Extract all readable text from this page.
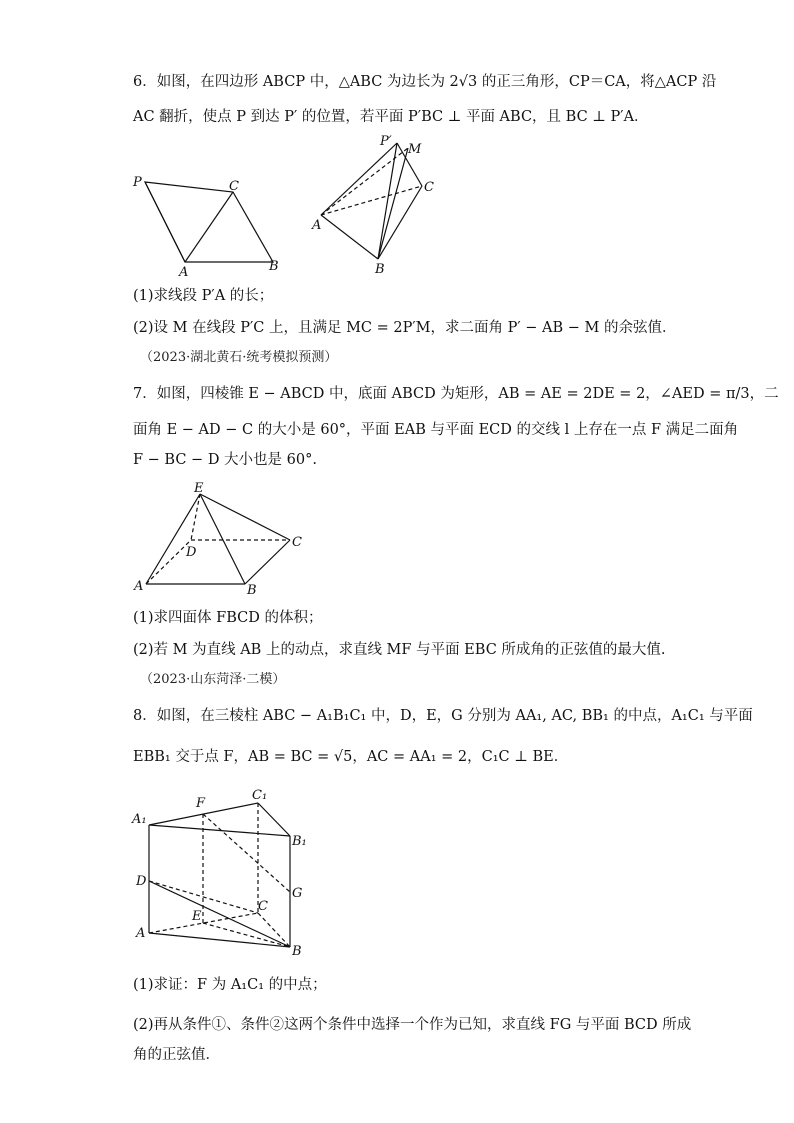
6．如图，在四边形 ABCP 中，△ABC 为边长为 2√3 的正三角形，CP＝CA，将△ACP 沿
AC 翻折，使点 P 到达 P′ 的位置，若平面 P′BC ⊥ 平面 ABC，且 BC ⊥ P′A．
P	C
A	B
P′
M
C
A
B
(1)求线段 P′A 的长；
(2)设 M 在线段 P′C 上，且满足 MC = 2P′M，求二面角 P′ − AB − M 的余弦值．
（2023·湖北黄石·统考模拟预测）
7．如图，四棱锥 E − ABCD 中，底面 ABCD 为矩形，AB = AE = 2DE = 2，∠AED = π/3，二
面角 E − AD − C 的大小是 60°，平面 EAB 与平面 ECD 的交线 l 上存在一点 F 满足二面角
F − BC − D 大小也是 60°.
E
D
C
A	B
(1)求四面体 FBCD 的体积；
(2)若 M 为直线 AB 上的动点，求直线 MF 与平面 EBC 所成角的正弦值的最大值.
（2023·山东菏泽·二模）
8．如图，在三棱柱 ABC − A₁B₁C₁ 中，D，E，G 分别为 AA₁, AC, BB₁ 的中点，A₁C₁ 与平面
EBB₁ 交于点 F，AB = BC = √5，AC = AA₁ = 2，C₁C ⊥ BE．
F
C₁
A₁
B₁
D
G
C
E
A
B
(1)求证：F 为 A₁C₁ 的中点；
(2)再从条件①、条件②这两个条件中选择一个作为已知，求直线 FG 与平面 BCD 所成
角的正弦值．
